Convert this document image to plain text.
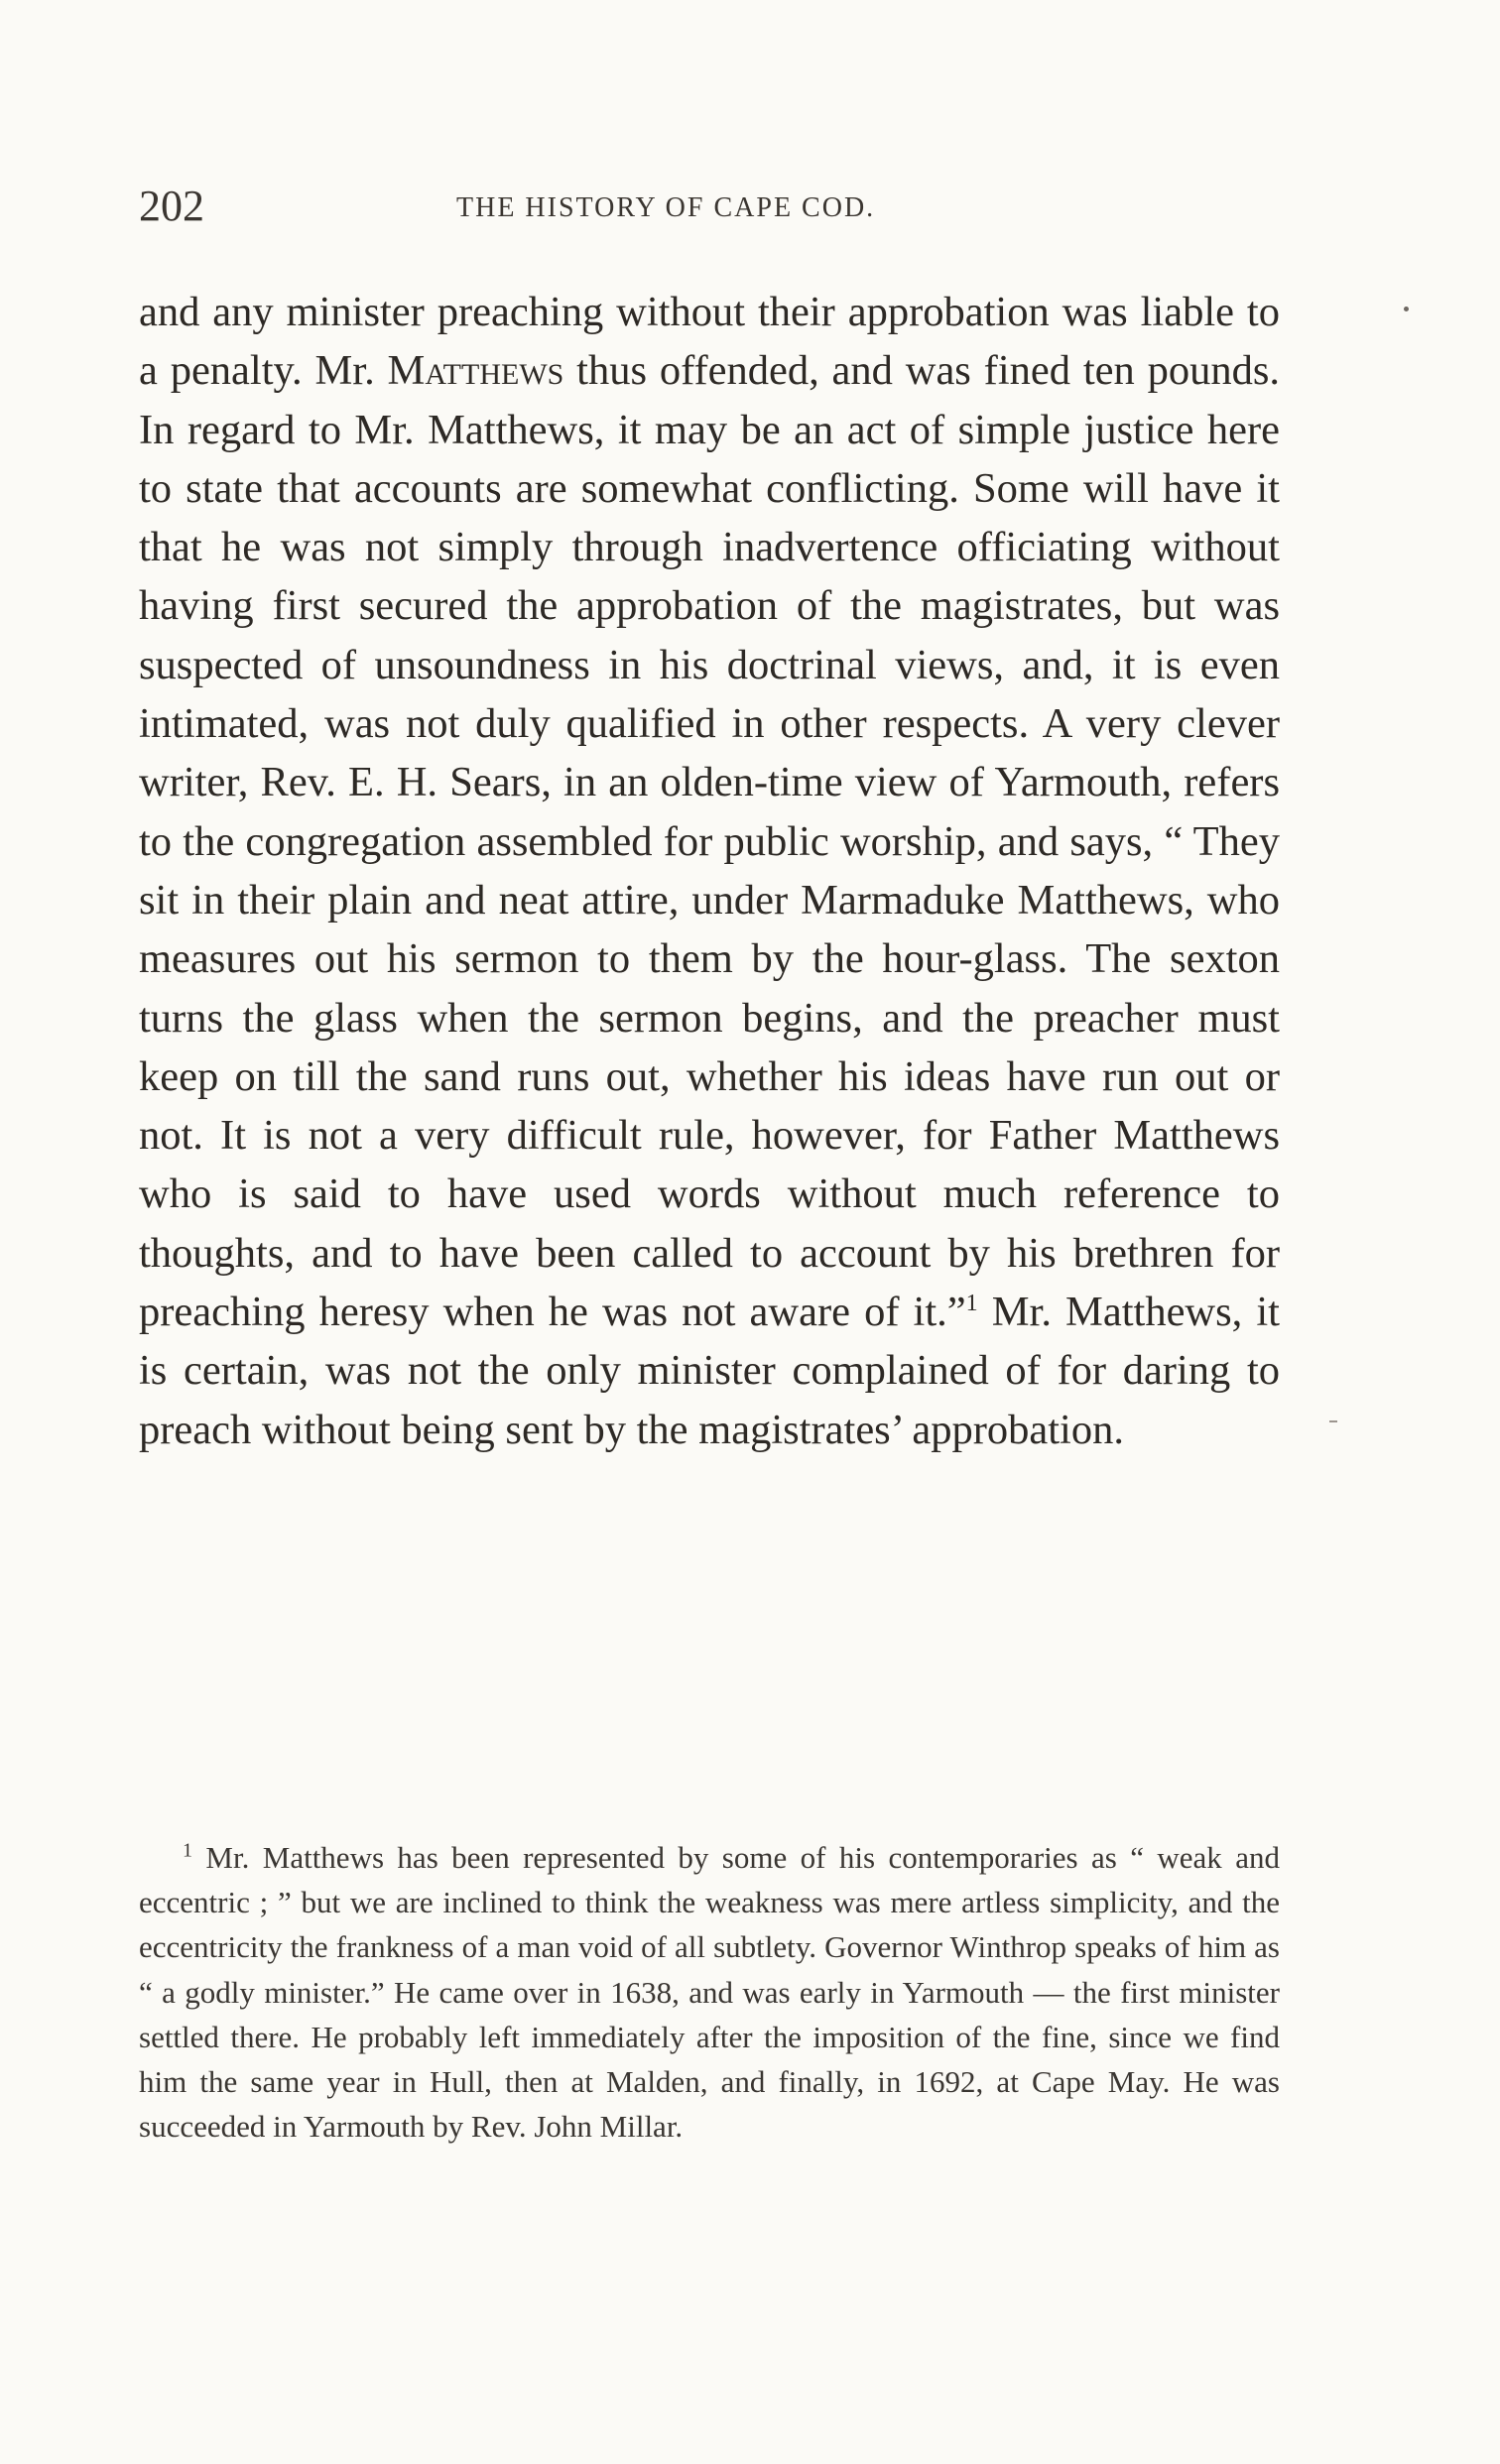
202	THE HISTORY OF CAPE COD.

and any minister preaching without their approbation was liable to a penalty. Mr. Matthews thus offended, and was fined ten pounds. In regard to Mr. Matthews, it may be an act of simple justice here to state that accounts are somewhat conflicting. Some will have it that he was not simply through inadvertence officiating without having first secured the approbation of the magistrates, but was suspected of unsoundness in his doctrinal views, and, it is even intimated, was not duly qualified in other respects. A very clever writer, Rev. E. H. Sears, in an olden-time view of Yarmouth, refers to the congregation assembled for public worship, and says, “ They sit in their plain and neat attire, under Marmaduke Matthews, who measures out his sermon to them by the hour-glass. The sexton turns the glass when the sermon begins, and the preacher must keep on till the sand runs out, whether his ideas have run out or not. It is not a very difficult rule, however, for Father Matthews who is said to have used words without much reference to thoughts, and to have been called to account by his brethren for preaching heresy when he was not aware of it.”$^1$ Mr. Matthews, it is certain, was not the only minister complained of for daring to preach without being sent by the magistrates’ approbation.

$^1$ Mr. Matthews has been represented by some of his contemporaries as “ weak and eccentric ; ” but we are inclined to think the weakness was mere artless simplicity, and the eccentricity the frankness of a man void of all subtlety. Governor Winthrop speaks of him as “ a godly minister.” He came over in 1638, and was early in Yarmouth — the first minister settled there. He probably left immediately after the imposition of the fine, since we find him the same year in Hull, then at Malden, and finally, in 1692, at Cape May. He was succeeded in Yarmouth by Rev. John Millar.
